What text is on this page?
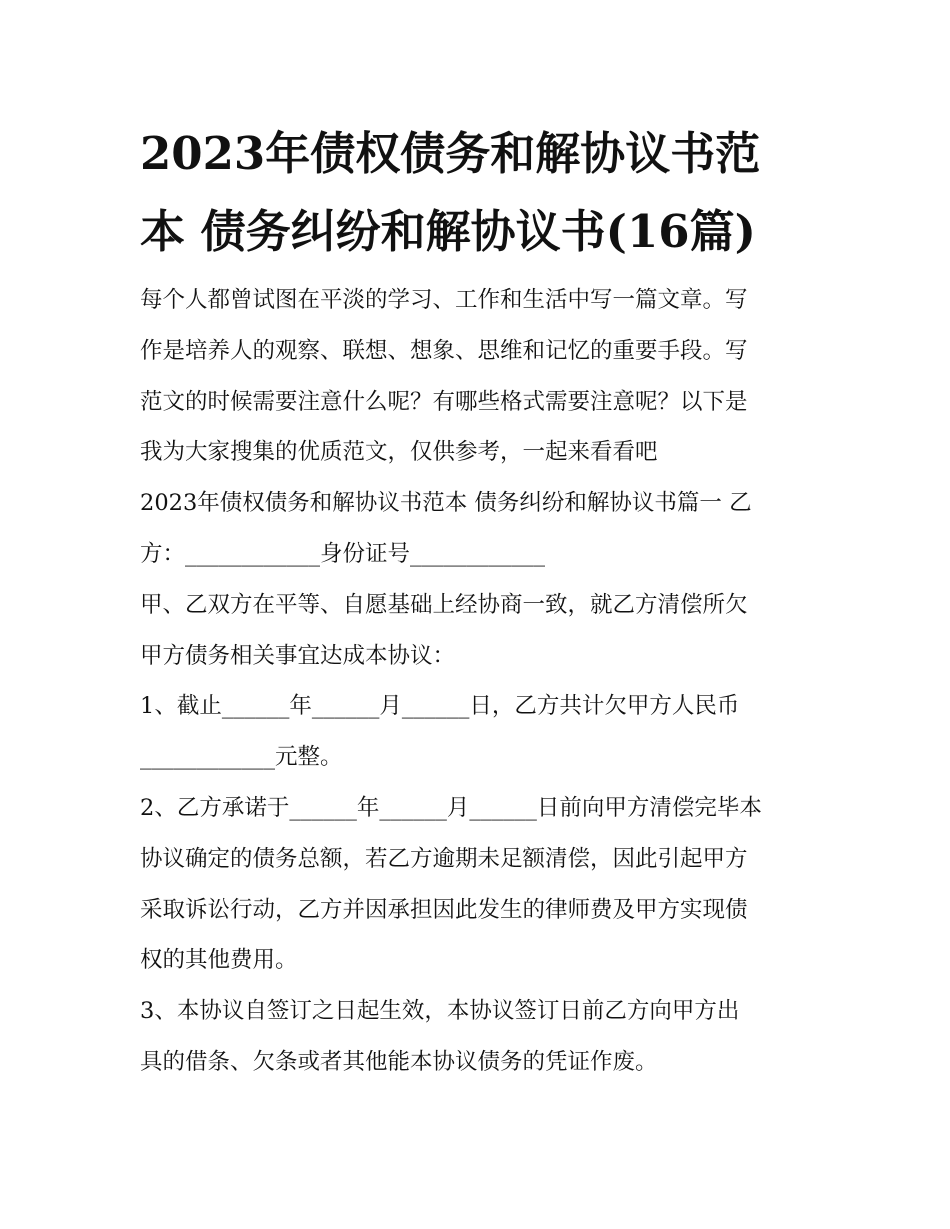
2023年债权债务和解协议书范
本 债务纠纷和解协议书(16篇)
每个人都曾试图在平淡的学习、工作和生活中写一篇文章。写
作是培养人的观察、联想、想象、思维和记忆的重要手段。写
范文的时候需要注意什么呢？有哪些格式需要注意呢？以下是
我为大家搜集的优质范文，仅供参考，一起来看看吧
2023年债权债务和解协议书范本 债务纠纷和解协议书篇一 乙
方：____________身份证号____________
甲、乙双方在平等、自愿基础上经协商一致，就乙方清偿所欠
甲方债务相关事宜达成本协议：
1、截止______年______月______日，乙方共计欠甲方人民币
____________元整。
2、乙方承诺于______年______月______日前向甲方清偿完毕本
协议确定的债务总额，若乙方逾期未足额清偿，因此引起甲方
采取诉讼行动，乙方并因承担因此发生的律师费及甲方实现债
权的其他费用。
3、本协议自签订之日起生效，本协议签订日前乙方向甲方出
具的借条、欠条或者其他能本协议债务的凭证作废。
